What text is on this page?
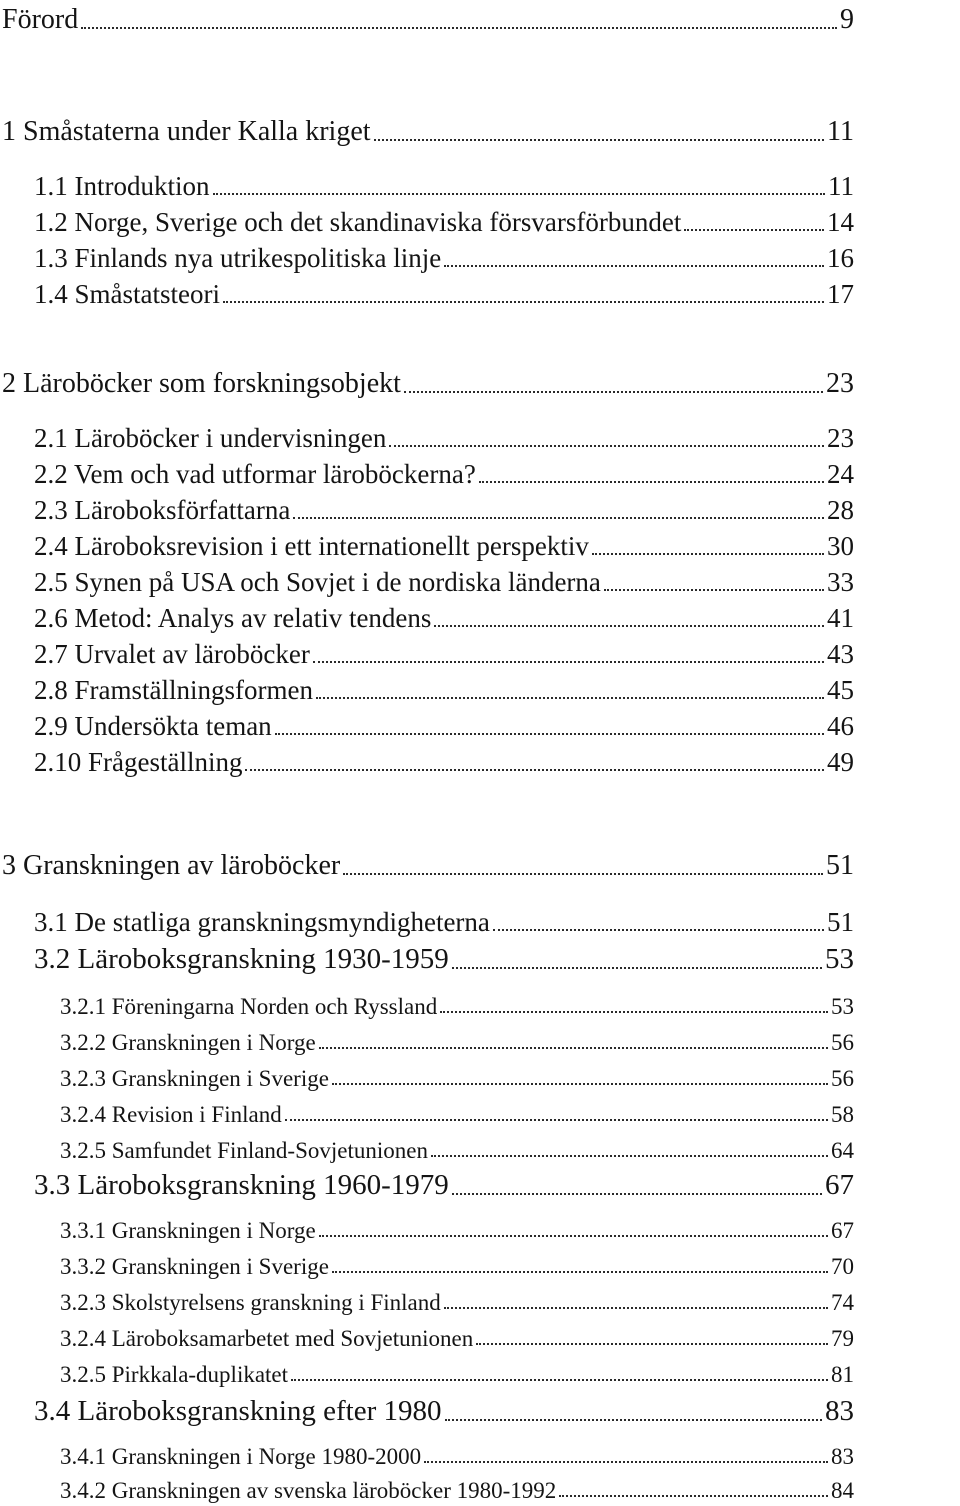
Förord	9
1 Småstaterna under Kalla kriget	11
1.1 Introduktion	11
1.2 Norge, Sverige och det skandinaviska försvarsförbundet	14
1.3 Finlands nya utrikespolitiska linje	16
1.4 Småstatsteori	17
2 Läroböcker som forskningsobjekt	23
2.1 Läroböcker i undervisningen	23
2.2 Vem och vad utformar läroböckerna?	24
2.3 Läroboksförfattarna	28
2.4 Läroboksrevision i ett internationellt perspektiv	30
2.5 Synen på USA och Sovjet i de nordiska länderna	33
2.6 Metod: Analys av relativ tendens	41
2.7 Urvalet av läroböcker	43
2.8 Framställningsformen	45
2.9 Undersökta teman	46
2.10 Frågeställning	49
3 Granskningen av läroböcker	51
3.1 De statliga granskningsmyndigheterna	51
3.2 Läroboksgranskning 1930-1959	53
3.2.1 Föreningarna Norden och Ryssland	53
3.2.2 Granskningen i Norge	56
3.2.3 Granskningen i Sverige	56
3.2.4 Revision i Finland	58
3.2.5 Samfundet Finland-Sovjetunionen	64
3.3 Läroboksgranskning 1960-1979	67
3.3.1 Granskningen i Norge	67
3.3.2 Granskningen i Sverige	70
3.2.3 Skolstyrelsens granskning i Finland	74
3.2.4 Läroboksamarbetet med Sovjetunionen	79
3.2.5 Pirkkala-duplikatet	81
3.4 Läroboksgranskning efter 1980	83
3.4.1 Granskningen i Norge 1980-2000	83
3.4.2 Granskningen av svenska läroböcker 1980-1992	84
